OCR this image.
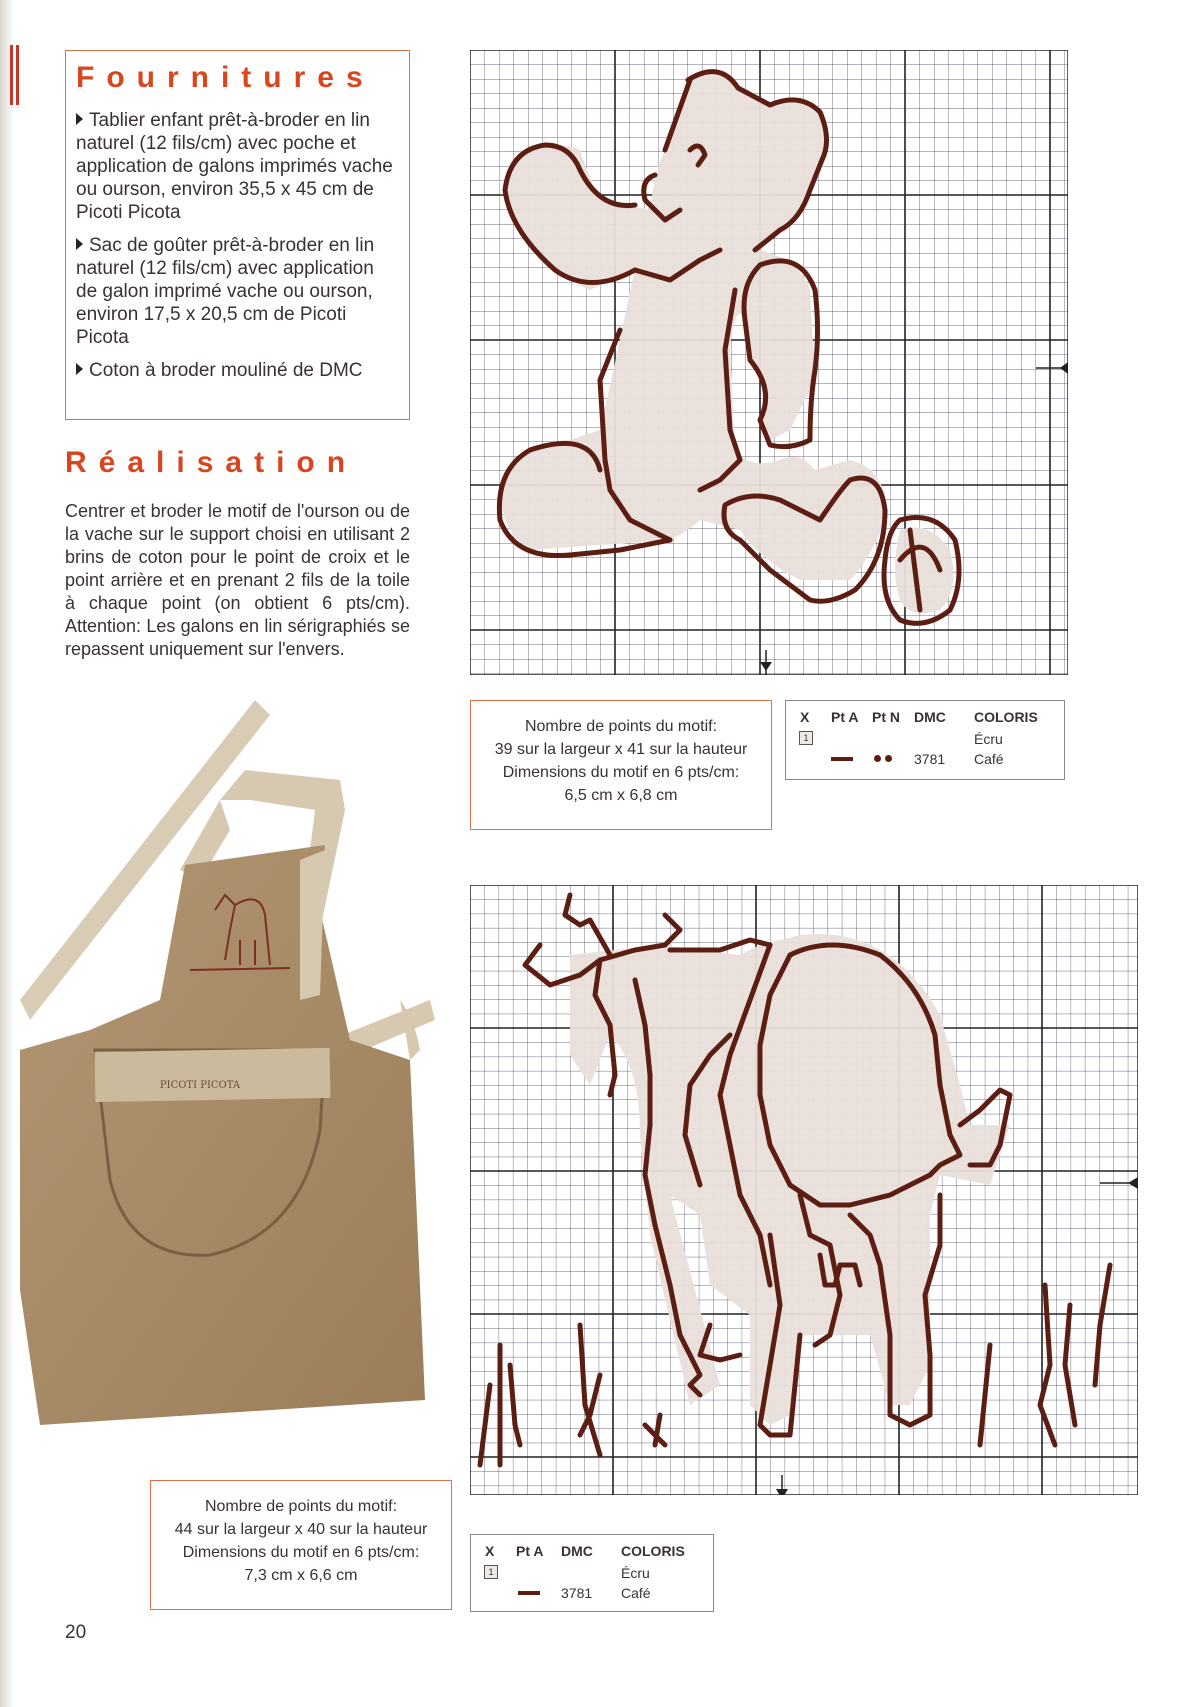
Fournitures

Tablier enfant prêt-à-broder en lin naturel (12 fils/cm) avec poche et application de galons imprimés vache ou ourson, environ 35,5 x 45 cm de Picoti Picota

Sac de goûter prêt-à-broder en lin naturel (12 fils/cm) avec application de galon imprimé vache ou ourson, environ 17,5 x 20,5 cm de Picoti Picota

Coton à broder mouliné de DMC

Réalisation

Centrer et broder le motif de l'ourson ou de la vache sur le support choisi en utilisant 2 brins de coton pour le point de croix et le point arrière et en prenant 2 fils de la toile à chaque point (on obtient 6 pts/cm). Attention: Les galons en lin sérigraphiés se repassent uniquement sur l'envers.

Nombre de points du motif:
39 sur la largeur x 41 sur la hauteur
Dimensions du motif en 6 pts/cm:
6,5 cm x 6,8 cm
X Pt A Pt N DMC COLORIS
1	Écru
3781 Café
PICOTI PICOTA
Nombre de points du motif:
44 sur la largeur x 40 sur la hauteur
Dimensions du motif en 6 pts/cm:
7,3 cm x 6,6 cm
X Pt A DMC COLORIS
1	Écru
3781 Café
20
